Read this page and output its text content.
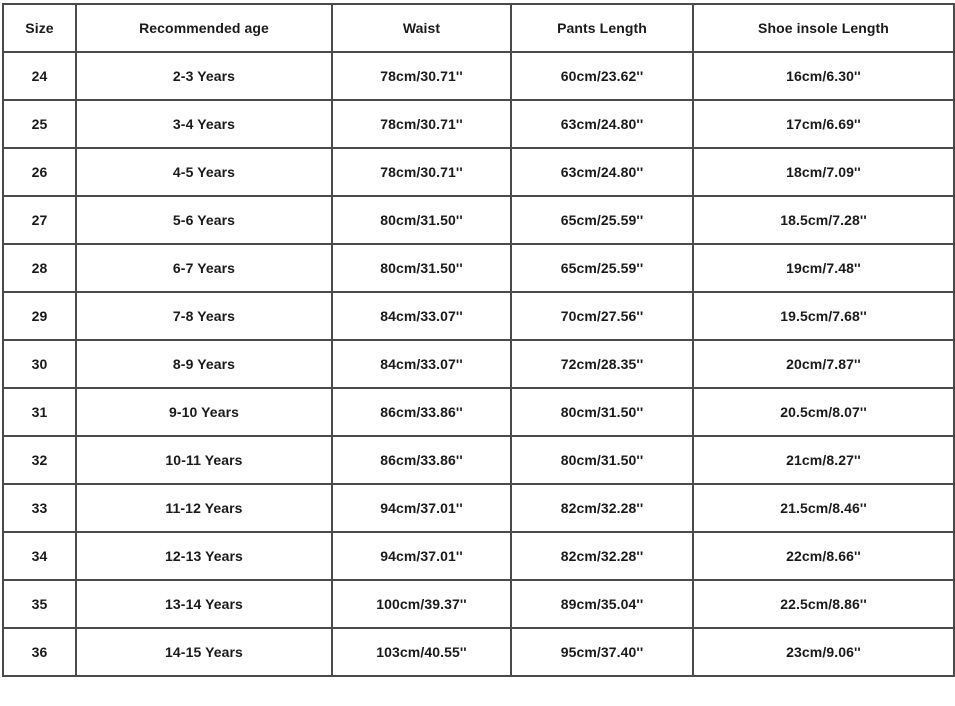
Size	Recommended age	Waist	Pants Length	Shoe insole Length
24	2-3 Years	78cm/30.71''	60cm/23.62''	16cm/6.30''
25	3-4 Years	78cm/30.71''	63cm/24.80''	17cm/6.69''
26	4-5 Years	78cm/30.71''	63cm/24.80''	18cm/7.09''
27	5-6 Years	80cm/31.50''	65cm/25.59''	18.5cm/7.28''
28	6-7 Years	80cm/31.50''	65cm/25.59''	19cm/7.48''
29	7-8 Years	84cm/33.07''	70cm/27.56''	19.5cm/7.68''
30	8-9 Years	84cm/33.07''	72cm/28.35''	20cm/7.87''
31	9-10 Years	86cm/33.86''	80cm/31.50''	20.5cm/8.07''
32	10-11 Years	86cm/33.86''	80cm/31.50''	21cm/8.27''
33	11-12 Years	94cm/37.01''	82cm/32.28''	21.5cm/8.46''
34	12-13 Years	94cm/37.01''	82cm/32.28''	22cm/8.66''
35	13-14 Years	100cm/39.37''	89cm/35.04''	22.5cm/8.86''
36	14-15 Years	103cm/40.55''	95cm/37.40''	23cm/9.06''
